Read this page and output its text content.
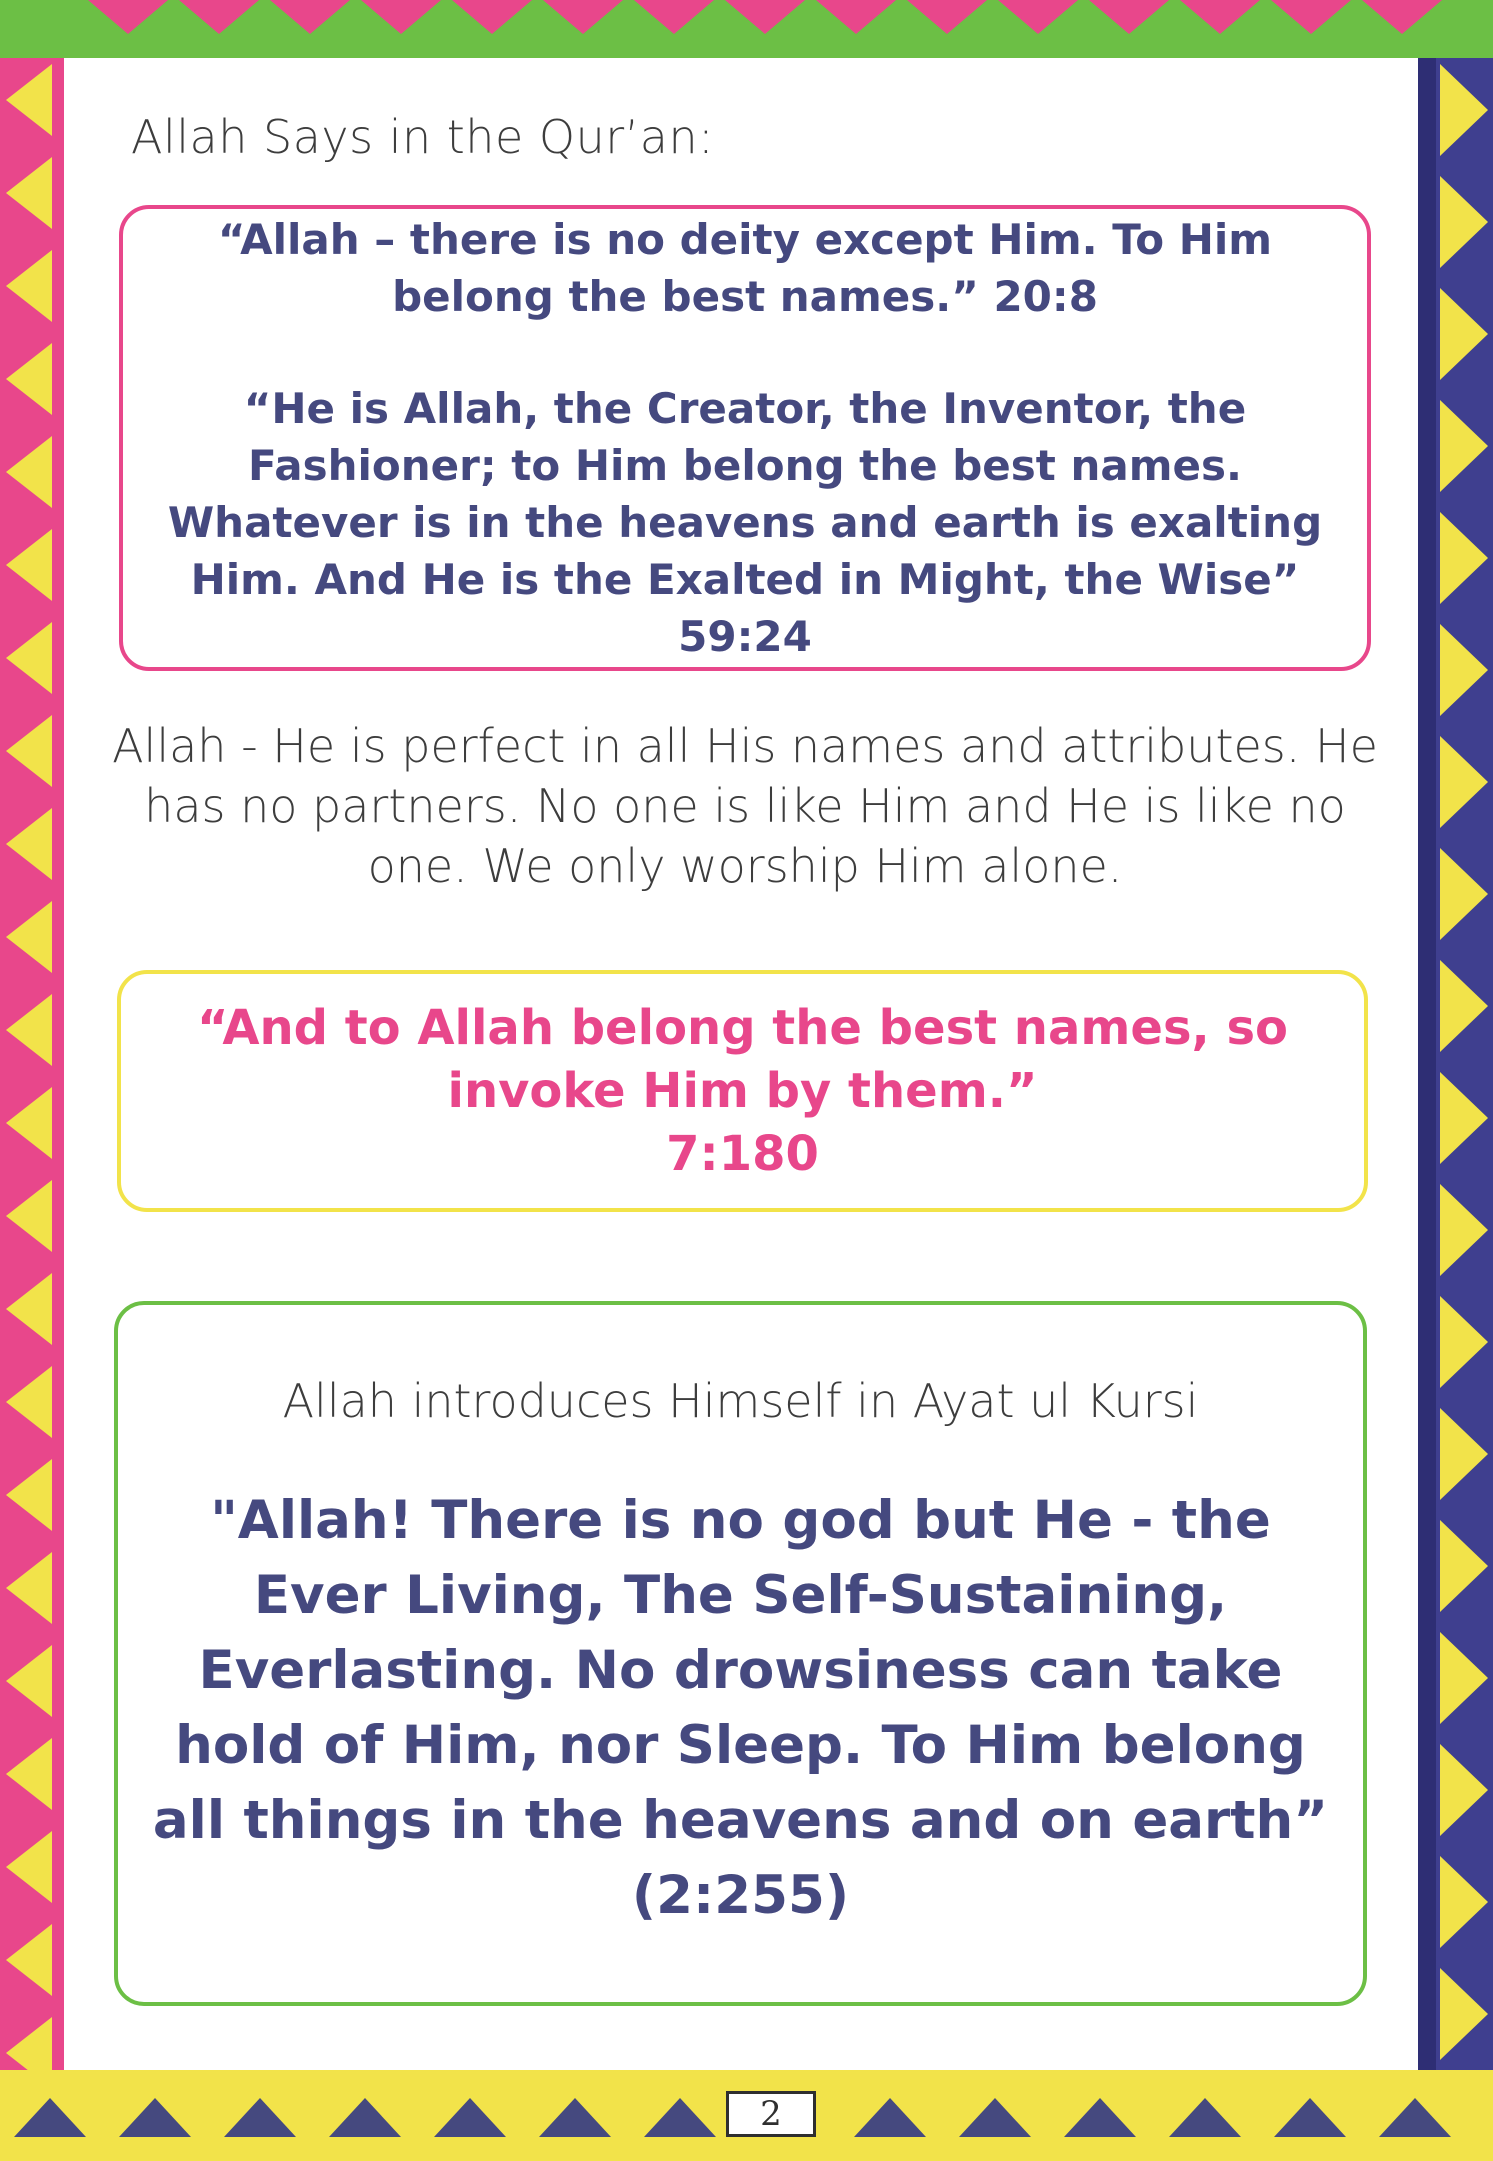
Allah Says in the Qur’an:
“Allah – there is no deity except Him. To Him belong the best names.” 20:8
“He is Allah, the Creator, the Inventor, the Fashioner; to Him belong the best names. Whatever is in the heavens and earth is exalting Him. And He is the Exalted in Might, the Wise” 59:24
Allah - He is perfect in all His names and attributes. He has no partners. No one is like Him and He is like no one. We only worship Him alone.
“And to Allah belong the best names, so invoke Him by them.”
7:180
Allah introduces Himself in Ayat ul Kursi
"Allah! There is no god but He - the Ever Living, The Self-Sustaining, Everlasting. No drowsiness can take hold of Him, nor Sleep. To Him belong all things in the heavens and on earth”
(2:255)
2
